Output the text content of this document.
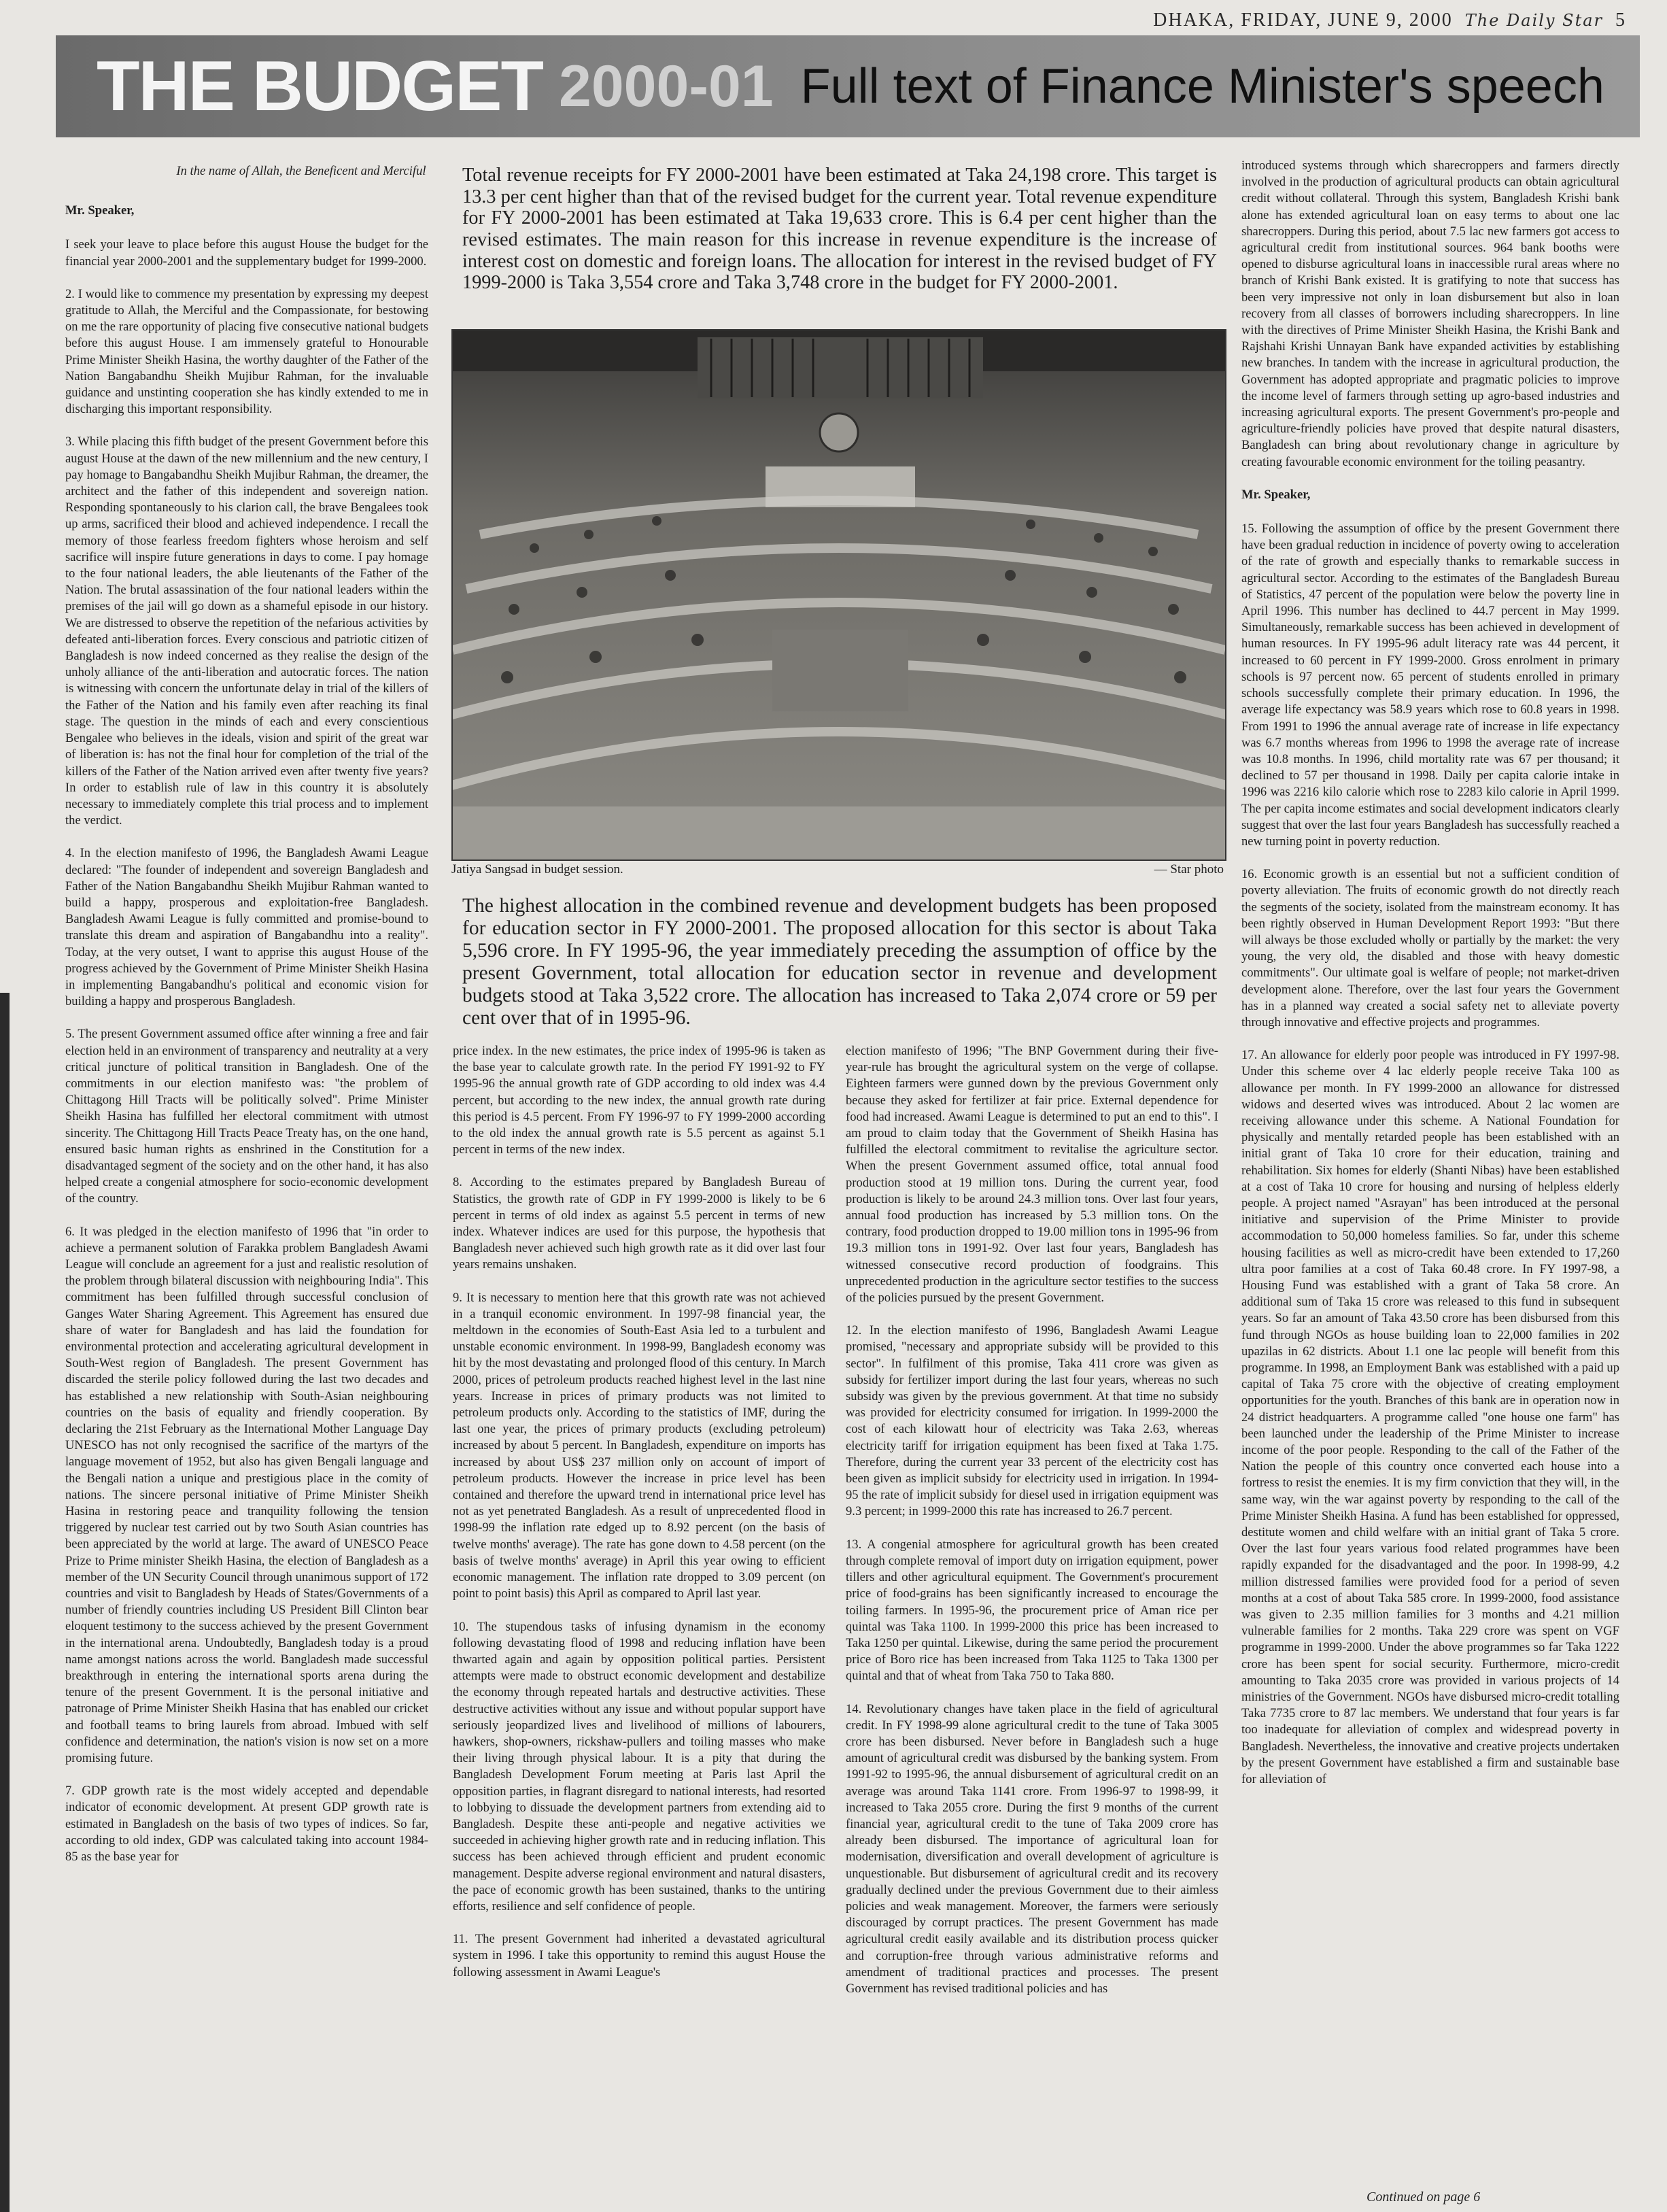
DHAKA, FRIDAY, JUNE 9, 2000 The Daily Star 5
THE BUDGET 2000-01 Full text of Finance Minister's speech

In the name of Allah, the Beneficent and Merciful

Mr. Speaker,

I seek your leave to place before this august House the budget for the financial year 2000-2001 and the supplementary budget for 1999-2000.

2. I would like to commence my presentation by expressing my deepest gratitude to Allah, the Merciful and the Compassionate, for bestowing on me the rare opportunity of placing five consecutive national budgets before this august House. I am immensely grateful to Honourable Prime Minister Sheikh Hasina, the worthy daughter of the Father of the Nation Bangabandhu Sheikh Mujibur Rahman, for the invaluable guidance and unstinting cooperation she has kindly extended to me in discharging this important responsibility.

3. While placing this fifth budget of the present Government before this august House at the dawn of the new millennium and the new century, I pay homage to Bangabandhu Sheikh Mujibur Rahman, the dreamer, the architect and the father of this independent and sovereign nation. Responding spontaneously to his clarion call, the brave Bengalees took up arms, sacrificed their blood and achieved independence. I recall the memory of those fearless freedom fighters whose heroism and self sacrifice will inspire future generations in days to come. I pay homage to the four national leaders, the able lieutenants of the Father of the Nation. The brutal assassination of the four national leaders within the premises of the jail will go down as a shameful episode in our history. We are distressed to observe the repetition of the nefarious activities by defeated anti-liberation forces. Every conscious and patriotic citizen of Bangladesh is now indeed concerned as they realise the design of the unholy alliance of the anti-liberation and autocratic forces. The nation is witnessing with concern the unfortunate delay in trial of the killers of the Father of the Nation and his family even after reaching its final stage. The question in the minds of each and every conscientious Bengalee who believes in the ideals, vision and spirit of the great war of liberation is: has not the final hour for completion of the trial of the killers of the Father of the Nation arrived even after twenty five years? In order to establish rule of law in this country it is absolutely necessary to immediately complete this trial process and to implement the verdict.

4. In the election manifesto of 1996, the Bangladesh Awami League declared: "The founder of independent and sovereign Bangladesh and Father of the Nation Bangabandhu Sheikh Mujibur Rahman wanted to build a happy, prosperous and exploitation-free Bangladesh. Bangladesh Awami League is fully committed and promise-bound to translate this dream and aspiration of Bangabandhu into a reality". Today, at the very outset, I want to apprise this august House of the progress achieved by the Government of Prime Minister Sheikh Hasina in implementing Bangabandhu's political and economic vision for building a happy and prosperous Bangladesh.

5. The present Government assumed office after winning a free and fair election held in an environment of transparency and neutrality at a very critical juncture of political transition in Bangladesh. One of the commitments in our election manifesto was: "the problem of Chittagong Hill Tracts will be politically solved". Prime Minister Sheikh Hasina has fulfilled her electoral commitment with utmost sincerity. The Chittagong Hill Tracts Peace Treaty has, on the one hand, ensured basic human rights as enshrined in the Constitution for a disadvantaged segment of the society and on the other hand, it has also helped create a congenial atmosphere for socio-economic development of the country.

6. It was pledged in the election manifesto of 1996 that "in order to achieve a permanent solution of Farakka problem Bangladesh Awami League will conclude an agreement for a just and realistic resolution of the problem through bilateral discussion with neighbouring India". This commitment has been fulfilled through successful conclusion of Ganges Water Sharing Agreement. This Agreement has ensured due share of water for Bangladesh and has laid the foundation for environmental protection and accelerating agricultural development in South-West region of Bangladesh. The present Government has discarded the sterile policy followed during the last two decades and has established a new relationship with South-Asian neighbouring countries on the basis of equality and friendly cooperation. By declaring the 21st February as the International Mother Language Day UNESCO has not only recognised the sacrifice of the martyrs of the language movement of 1952, but also has given Bengali language and the Bengali nation a unique and prestigious place in the comity of nations. The sincere personal initiative of Prime Minister Sheikh Hasina in restoring peace and tranquility following the tension triggered by nuclear test carried out by two South Asian countries has been appreciated by the world at large. The award of UNESCO Peace Prize to Prime minister Sheikh Hasina, the election of Bangladesh as a member of the UN Security Council through unanimous support of 172 countries and visit to Bangladesh by Heads of States/Governments of a number of friendly countries including US President Bill Clinton bear eloquent testimony to the success achieved by the present Government in the international arena. Undoubtedly, Bangladesh today is a proud name amongst nations across the world. Bangladesh made successful breakthrough in entering the international sports arena during the tenure of the present Government. It is the personal initiative and patronage of Prime Minister Sheikh Hasina that has enabled our cricket and football teams to bring laurels from abroad. Imbued with self confidence and determination, the nation's vision is now set on a more promising future.

7. GDP growth rate is the most widely accepted and dependable indicator of economic development. At present GDP growth rate is estimated in Bangladesh on the basis of two types of indices. So far, according to old index, GDP was calculated taking into account 1984-85 as the base year for

Total revenue receipts for FY 2000-2001 have been estimated at Taka 24,198 crore. This target is 13.3 per cent higher than that of the revised budget for the current year. Total revenue expenditure for FY 2000-2001 has been estimated at Taka 19,633 crore. This is 6.4 per cent higher than the revised estimates. The main reason for this increase in revenue expenditure is the increase of interest cost on domestic and foreign loans. The allocation for interest in the revised budget of FY 1999-2000 is Taka 3,554 crore and Taka 3,748 crore in the budget for FY 2000-2001.
Jatiya Sangsad in budget session.	— Star photo
The highest allocation in the combined revenue and development budgets has been proposed for education sector in FY 2000-2001. The proposed allocation for this sector is about Taka 5,596 crore. In FY 1995-96, the year immediately preceding the assumption of office by the present Government, total allocation for education sector in revenue and development budgets stood at Taka 3,522 crore. The allocation has increased to Taka 2,074 crore or 59 per cent over that of in 1995-96.

price index. In the new estimates, the price index of 1995-96 is taken as the base year to calculate growth rate. In the period FY 1991-92 to FY 1995-96 the annual growth rate of GDP according to old index was 4.4 percent, but according to the new index, the annual growth rate during this period is 4.5 percent. From FY 1996-97 to FY 1999-2000 according to the old index the annual growth rate is 5.5 percent as against 5.1 percent in terms of the new index.

8. According to the estimates prepared by Bangladesh Bureau of Statistics, the growth rate of GDP in FY 1999-2000 is likely to be 6 percent in terms of old index as against 5.5 percent in terms of new index. Whatever indices are used for this purpose, the hypothesis that Bangladesh never achieved such high growth rate as it did over last four years remains unshaken.

9. It is necessary to mention here that this growth rate was not achieved in a tranquil economic environment. In 1997-98 financial year, the meltdown in the economies of South-East Asia led to a turbulent and unstable economic environment. In 1998-99, Bangladesh economy was hit by the most devastating and prolonged flood of this century. In March 2000, prices of petroleum products reached highest level in the last nine years. Increase in prices of primary products was not limited to petroleum products only. According to the statistics of IMF, during the last one year, the prices of primary products (excluding petroleum) increased by about 5 percent. In Bangladesh, expenditure on imports has increased by about US$ 237 million only on account of import of petroleum products. However the increase in price level has been contained and therefore the upward trend in international price level has not as yet penetrated Bangladesh. As a result of unprecedented flood in 1998-99 the inflation rate edged up to 8.92 percent (on the basis of twelve months' average). The rate has gone down to 4.58 percent (on the basis of twelve months' average) in April this year owing to efficient economic management. The inflation rate dropped to 3.09 percent (on point to point basis) this April as compared to April last year.

10. The stupendous tasks of infusing dynamism in the economy following devastating flood of 1998 and reducing inflation have been thwarted again and again by opposition political parties. Persistent attempts were made to obstruct economic development and destabilize the economy through repeated hartals and destructive activities. These destructive activities without any issue and without popular support have seriously jeopardized lives and livelihood of millions of labourers, hawkers, shop-owners, rickshaw-pullers and toiling masses who make their living through physical labour. It is a pity that during the Bangladesh Development Forum meeting at Paris last April the opposition parties, in flagrant disregard to national interests, had resorted to lobbying to dissuade the development partners from extending aid to Bangladesh. Despite these anti-people and negative activities we succeeded in achieving higher growth rate and in reducing inflation. This success has been achieved through efficient and prudent economic management. Despite adverse regional environment and natural disasters, the pace of economic growth has been sustained, thanks to the untiring efforts, resilience and self confidence of people.

11. The present Government had inherited a devastated agricultural system in 1996. I take this opportunity to remind this august House the following assessment in Awami League's

election manifesto of 1996; "The BNP Government during their five-year-rule has brought the agricultural system on the verge of collapse. Eighteen farmers were gunned down by the previous Government only because they asked for fertilizer at fair price. External dependence for food had increased. Awami League is determined to put an end to this". I am proud to claim today that the Government of Sheikh Hasina has fulfilled the electoral commitment to revitalise the agriculture sector. When the present Government assumed office, total annual food production stood at 19 million tons. During the current year, food production is likely to be around 24.3 million tons. Over last four years, annual food production has increased by 5.3 million tons. On the contrary, food production dropped to 19.00 million tons in 1995-96 from 19.3 million tons in 1991-92. Over last four years, Bangladesh has witnessed consecutive record production of foodgrains. This unprecedented production in the agriculture sector testifies to the success of the policies pursued by the present Government.

12. In the election manifesto of 1996, Bangladesh Awami League promised, "necessary and appropriate subsidy will be provided to this sector". In fulfilment of this promise, Taka 411 crore was given as subsidy for fertilizer import during the last four years, whereas no such subsidy was given by the previous government. At that time no subsidy was provided for electricity consumed for irrigation. In 1999-2000 the cost of each kilowatt hour of electricity was Taka 2.63, whereas electricity tariff for irrigation equipment has been fixed at Taka 1.75. Therefore, during the current year 33 percent of the electricity cost has been given as implicit subsidy for electricity used in irrigation. In 1994-95 the rate of implicit subsidy for diesel used in irrigation equipment was 9.3 percent; in 1999-2000 this rate has increased to 26.7 percent.

13. A congenial atmosphere for agricultural growth has been created through complete removal of import duty on irrigation equipment, power tillers and other agricultural equipment. The Government's procurement price of food-grains has been significantly increased to encourage the toiling farmers. In 1995-96, the procurement price of Aman rice per quintal was Taka 1100. In 1999-2000 this price has been increased to Taka 1250 per quintal. Likewise, during the same period the procurement price of Boro rice has been increased from Taka 1125 to Taka 1300 per quintal and that of wheat from Taka 750 to Taka 880.

14. Revolutionary changes have taken place in the field of agricultural credit. In FY 1998-99 alone agricultural credit to the tune of Taka 3005 crore has been disbursed. Never before in Bangladesh such a huge amount of agricultural credit was disbursed by the banking system. From 1991-92 to 1995-96, the annual disbursement of agricultural credit on an average was around Taka 1141 crore. From 1996-97 to 1998-99, it increased to Taka 2055 crore. During the first 9 months of the current financial year, agricultural credit to the tune of Taka 2009 crore has already been disbursed. The importance of agricultural loan for modernisation, diversification and overall development of agriculture is unquestionable. But disbursement of agricultural credit and its recovery gradually declined under the previous Government due to their aimless policies and weak management. Moreover, the farmers were seriously discouraged by corrupt practices. The present Government has made agricultural credit easily available and its distribution process quicker and corruption-free through various administrative reforms and amendment of traditional practices and processes. The present Government has revised traditional policies and has

introduced systems through which sharecroppers and farmers directly involved in the production of agricultural products can obtain agricultural credit without collateral. Through this system, Bangladesh Krishi bank alone has extended agricultural loan on easy terms to about one lac sharecroppers. During this period, about 7.5 lac new farmers got access to agricultural credit from institutional sources. 964 bank booths were opened to disburse agricultural loans in inaccessible rural areas where no branch of Krishi Bank existed. It is gratifying to note that success has been very impressive not only in loan disbursement but also in loan recovery from all classes of borrowers including sharecroppers. In line with the directives of Prime Minister Sheikh Hasina, the Krishi Bank and Rajshahi Krishi Unnayan Bank have expanded activities by establishing new branches. In tandem with the increase in agricultural production, the Government has adopted appropriate and pragmatic policies to improve the income level of farmers through setting up agro-based industries and increasing agricultural exports. The present Government's pro-people and agriculture-friendly policies have proved that despite natural disasters, Bangladesh can bring about revolutionary change in agriculture by creating favourable economic environment for the toiling peasantry.

Mr. Speaker,

15. Following the assumption of office by the present Government there have been gradual reduction in incidence of poverty owing to acceleration of the rate of growth and especially thanks to remarkable success in agricultural sector. According to the estimates of the Bangladesh Bureau of Statistics, 47 percent of the population were below the poverty line in April 1996. This number has declined to 44.7 percent in May 1999. Simultaneously, remarkable success has been achieved in development of human resources. In FY 1995-96 adult literacy rate was 44 percent, it increased to 60 percent in FY 1999-2000. Gross enrolment in primary schools is 97 percent now. 65 percent of students enrolled in primary schools successfully complete their primary education. In 1996, the average life expectancy was 58.9 years which rose to 60.8 years in 1998. From 1991 to 1996 the annual average rate of increase in life expectancy was 6.7 months whereas from 1996 to 1998 the average rate of increase was 10.8 months. In 1996, child mortality rate was 67 per thousand; it declined to 57 per thousand in 1998. Daily per capita calorie intake in 1996 was 2216 kilo calorie which rose to 2283 kilo calorie in April 1999. The per capita income estimates and social development indicators clearly suggest that over the last four years Bangladesh has successfully reached a new turning point in poverty reduction.

16. Economic growth is an essential but not a sufficient condition of poverty alleviation. The fruits of economic growth do not directly reach the segments of the society, isolated from the mainstream economy. It has been rightly observed in Human Development Report 1993: "But there will always be those excluded wholly or partially by the market: the very young, the very old, the disabled and those with heavy domestic commitments". Our ultimate goal is welfare of people; not market-driven development alone. Therefore, over the last four years the Government has in a planned way created a social safety net to alleviate poverty through innovative and effective projects and programmes.

17. An allowance for elderly poor people was introduced in FY 1997-98. Under this scheme over 4 lac elderly people receive Taka 100 as allowance per month. In FY 1999-2000 an allowance for distressed widows and deserted wives was introduced. About 2 lac women are receiving allowance under this scheme. A National Foundation for physically and mentally retarded people has been established with an initial grant of Taka 10 crore for their education, training and rehabilitation. Six homes for elderly (Shanti Nibas) have been established at a cost of Taka 10 crore for housing and nursing of helpless elderly people. A project named "Asrayan" has been introduced at the personal initiative and supervision of the Prime Minister to provide accommodation to 50,000 homeless families. So far, under this scheme housing facilities as well as micro-credit have been extended to 17,260 ultra poor families at a cost of Taka 60.48 crore. In FY 1997-98, a Housing Fund was established with a grant of Taka 58 crore. An additional sum of Taka 15 crore was released to this fund in subsequent years. So far an amount of Taka 43.50 crore has been disbursed from this fund through NGOs as house building loan to 22,000 families in 202 upazilas in 62 districts. About 1.1 one lac people will benefit from this programme. In 1998, an Employment Bank was established with a paid up capital of Taka 75 crore with the objective of creating employment opportunities for the youth. Branches of this bank are in operation now in 24 district headquarters. A programme called "one house one farm" has been launched under the leadership of the Prime Minister to increase income of the poor people. Responding to the call of the Father of the Nation the people of this country once converted each house into a fortress to resist the enemies. It is my firm conviction that they will, in the same way, win the war against poverty by responding to the call of the Prime Minister Sheikh Hasina. A fund has been established for oppressed, destitute women and child welfare with an initial grant of Taka 5 crore. Over the last four years various food related programmes have been rapidly expanded for the disadvantaged and the poor. In 1998-99, 4.2 million distressed families were provided food for a period of seven months at a cost of about Taka 585 crore. In 1999-2000, food assistance was given to 2.35 million families for 3 months and 4.21 million vulnerable families for 2 months. Taka 229 crore was spent on VGF programme in 1999-2000. Under the above programmes so far Taka 1222 crore has been spent for social security. Furthermore, micro-credit amounting to Taka 2035 crore was provided in various projects of 14 ministries of the Government. NGOs have disbursed micro-credit totalling Taka 7735 crore to 87 lac members. We understand that four years is far too inadequate for alleviation of complex and widespread poverty in Bangladesh. Nevertheless, the innovative and creative projects undertaken by the present Government have established a firm and sustainable base for alleviation of

Continued on page 6
